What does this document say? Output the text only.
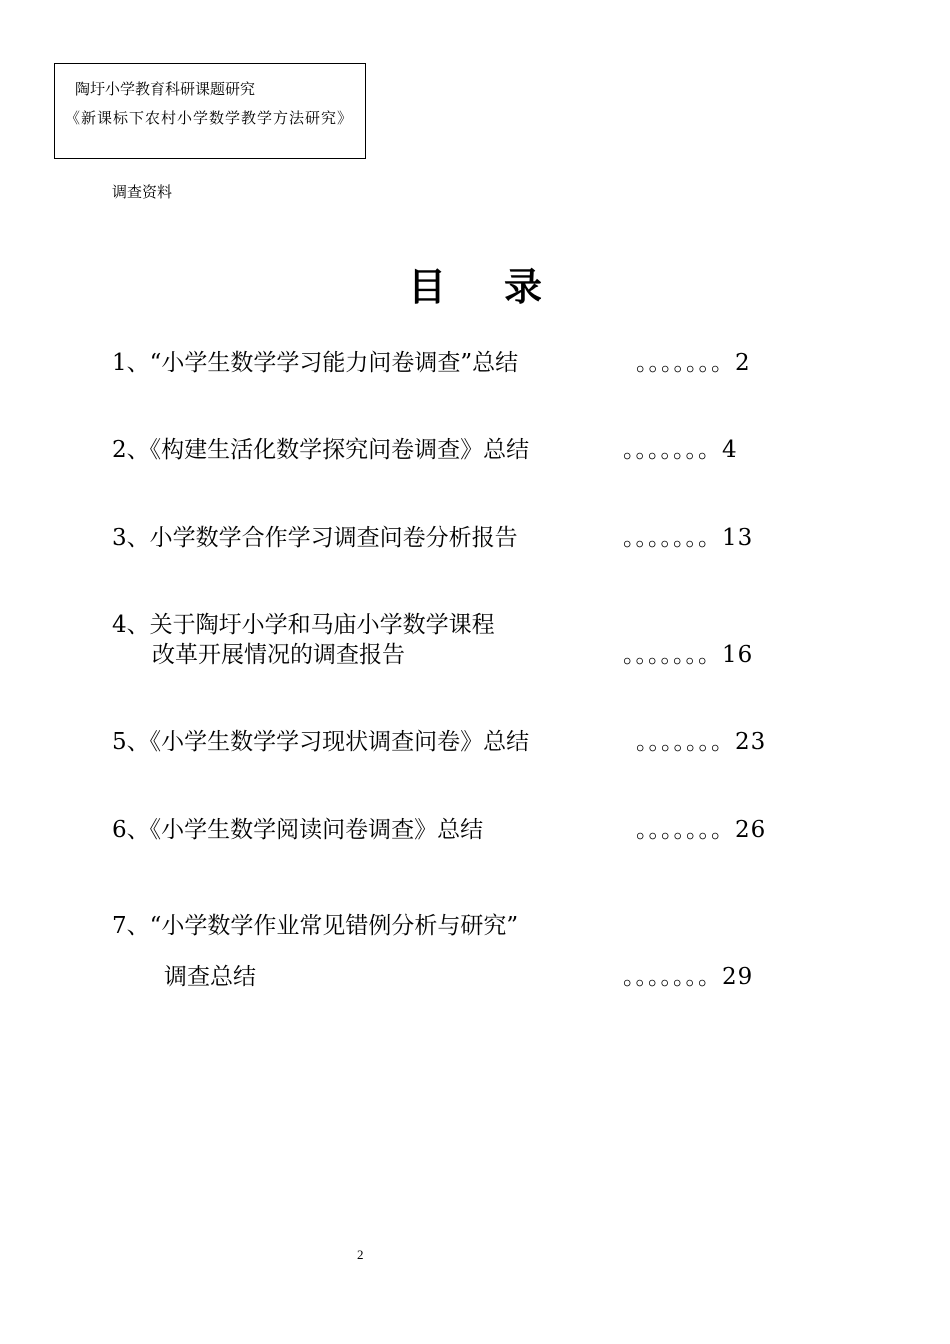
陶圩小学教育科研课题研究
《新课标下农村小学数学教学方法研究》
调查资料
目录
1、“小学生数学学习能力问卷调查”总结	。。。。。。。2
2、《构建生活化数学探究问卷调查》总结	。。。。。。。4
3、小学数学合作学习调查问卷分析报告	。。。。。。。13
4、关于陶圩小学和马庙小学数学课程
改革开展情况的调查报告	。。。。。。。16
5、《小学生数学学习现状调查问卷》总结	。。。。。。。23
6、《小学生数学阅读问卷调查》总结	。。。。。。。26
7、“小学数学作业常见错例分析与研究”
调查总结	。。。。。。。29
2
